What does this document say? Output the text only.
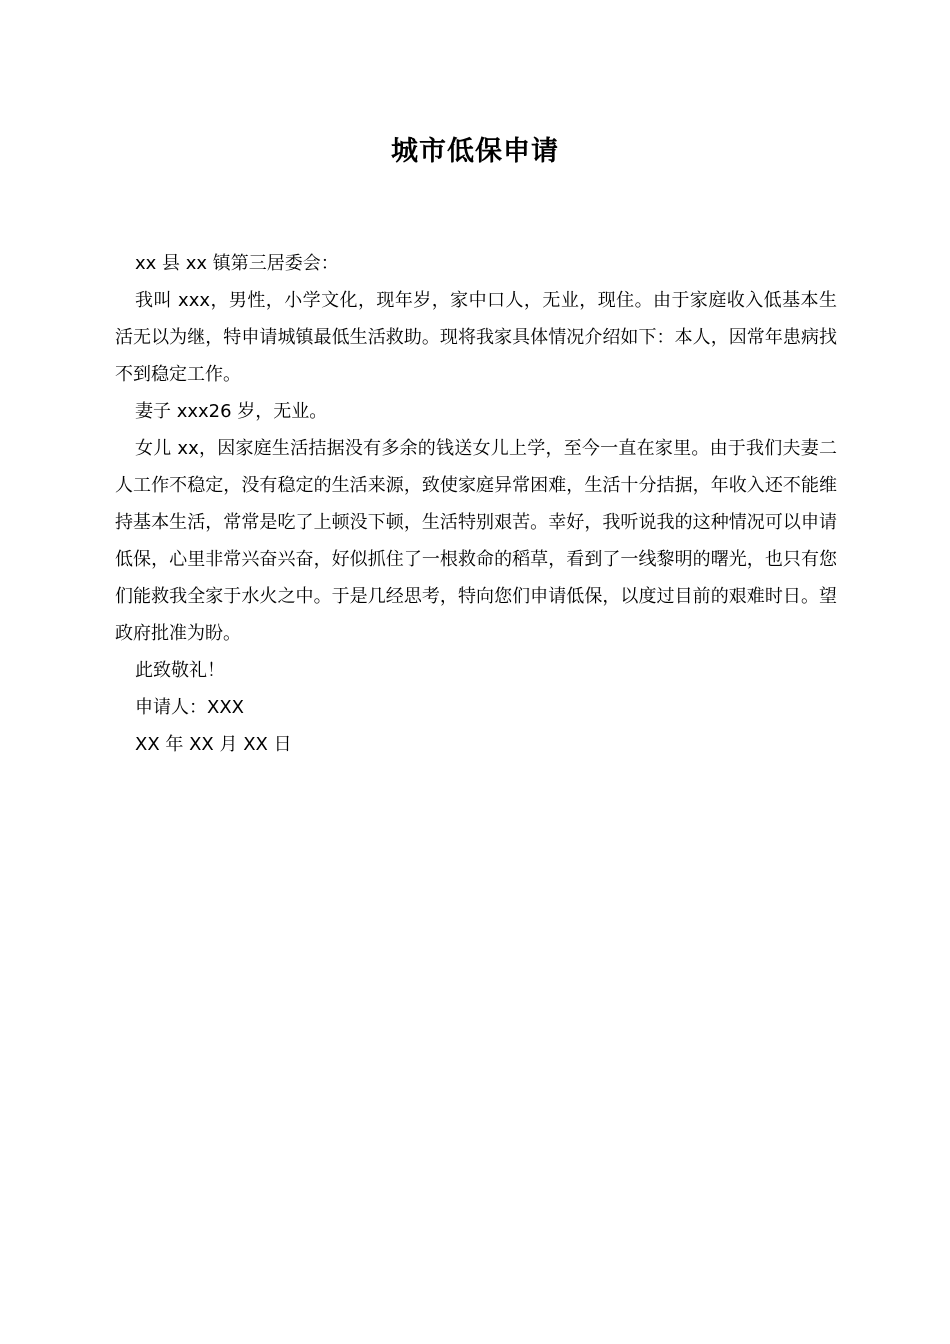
城市低保申请

xx 县 xx 镇第三居委会：

我叫 xxx，男性，小学文化，现年岁，家中口人，无业，现住。由于家庭收入低基本生活无以为继，特申请城镇最低生活救助。现将我家具体情况介绍如下：本人，因常年患病找不到稳定工作。

妻子 xxx26 岁，无业。

女儿 xx，因家庭生活拮据没有多余的钱送女儿上学，至今一直在家里。由于我们夫妻二人工作不稳定，没有稳定的生活来源，致使家庭异常困难，生活十分拮据，年收入还不能维持基本生活，常常是吃了上顿没下顿，生活特别艰苦。幸好，我听说我的这种情况可以申请低保，心里非常兴奋兴奋，好似抓住了一根救命的稻草，看到了一线黎明的曙光，也只有您们能救我全家于水火之中。于是几经思考，特向您们申请低保，以度过目前的艰难时日。望政府批准为盼。

此致敬礼！

申请人：XXX

XX 年 XX 月 XX 日
